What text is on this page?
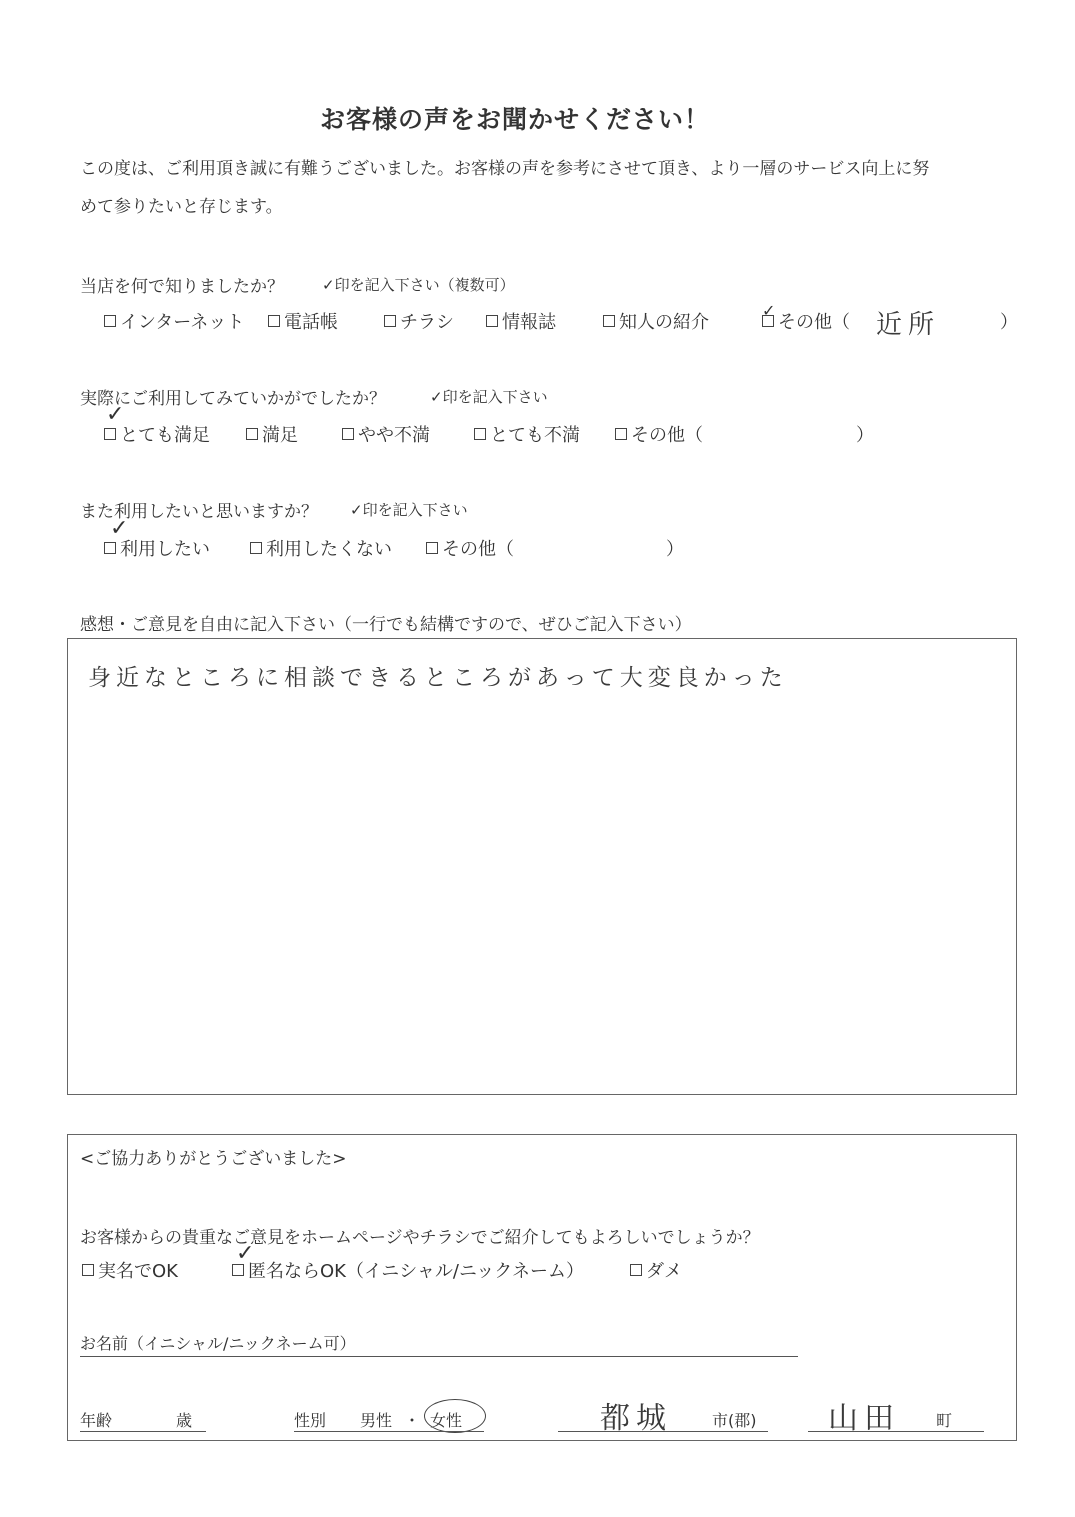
お客様の声をお聞かせください！
この度は、ご利用頂き誠に有難うございました。お客様の声を参考にさせて頂き、より一層のサービス向上に努
めて参りたいと存じます。
当店を何で知りましたか？	✓印を記入下さい（複数可）
インターネット 電話帳	チラシ	情報誌	知人の紹介	その他（
✓	近所	）
実際にご利用してみていかがでしたか？	✓印を記入下さい
とても満足
✓
満足	やや不満	とても不満	その他（	）
また利用したいと思いますか？ ✓印を記入下さい
利用したい
✓
利用したくない	その他（	）
感想・ご意見を自由に記入下さい（一行でも結構ですので、ぜひご記入下さい）
身近なところに相談できるところがあって大変良かった
<ご協力ありがとうございました>
お客様からの貴重なご意見をホームページやチラシでご紹介してもよろしいでしょうか？
実名でOK	匿名ならOK（イニシャル/ニックネーム）
✓
ダメ
お名前（イニシャル/ニックネーム可）
年齢	歳	性別 男性 ・ 女性	都城	市(郡) 山田 町
